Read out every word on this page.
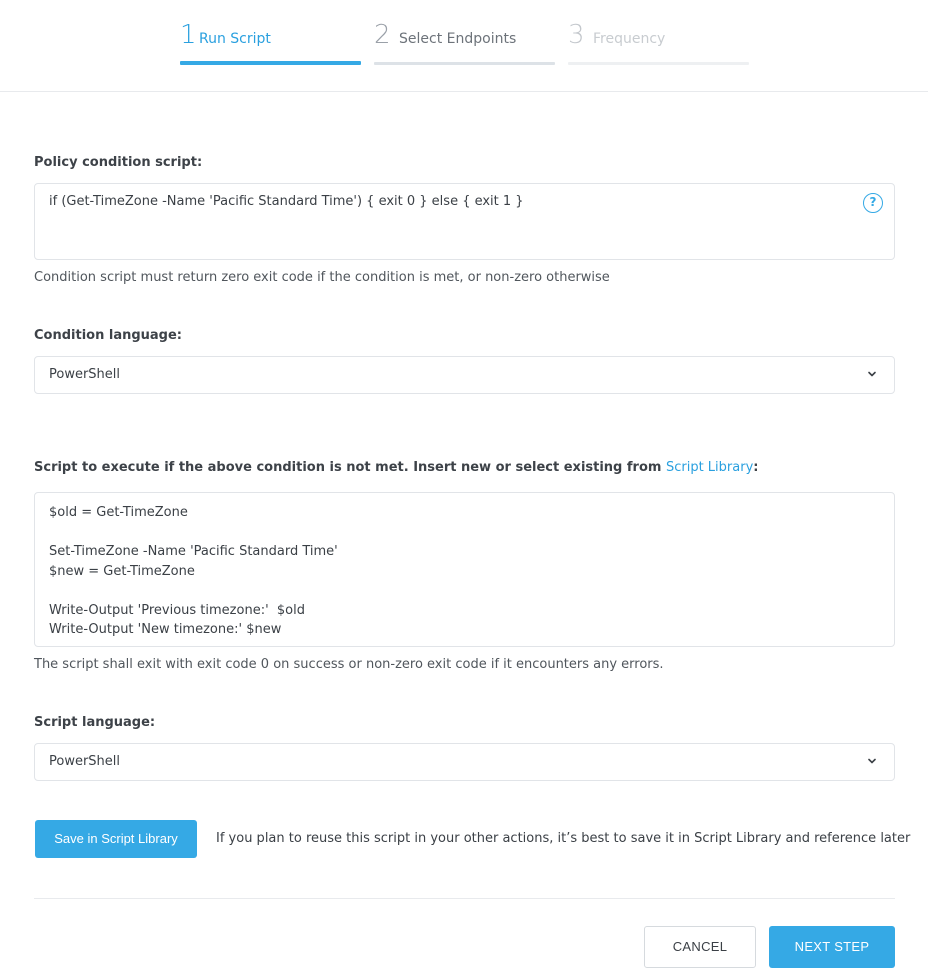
1 Run Script	2 Select Endpoints 3 Frequency
Policy condition script:
if (Get-TimeZone -Name 'Pacific Standard Time') { exit 0 } else { exit 1 }	?
Condition script must return zero exit code if the condition is met, or non-zero otherwise
Condition language:
PowerShell
Script to execute if the above condition is not met. Insert new or select existing from Script Library:
$old = Get-TimeZone
Set-TimeZone -Name 'Pacific Standard Time'
$new = Get-TimeZone
Write-Output 'Previous timezone:'  $old
Write-Output 'New timezone:' $new
The script shall exit with exit code 0 on success or non-zero exit code if it encounters any errors.
Script language:
PowerShell
Save in Script Library	If you plan to reuse this script in your other actions, it’s best to save it in Script Library and reference later
CANCEL	NEXT STEP
